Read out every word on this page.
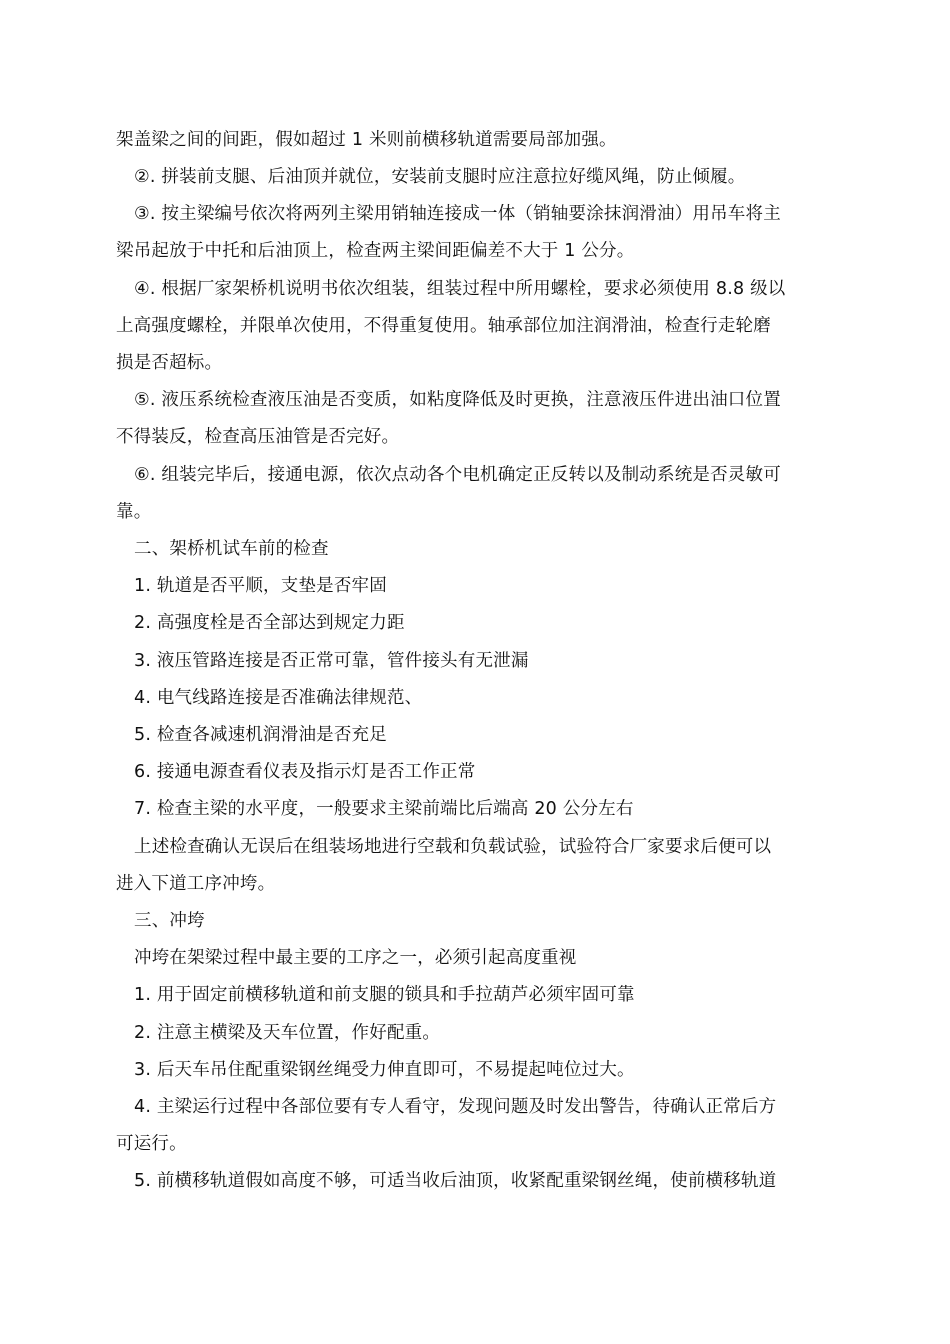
架盖梁之间的间距，假如超过 1 米则前横移轨道需要局部加强。
②. 拼装前支腿、后油顶并就位，安装前支腿时应注意拉好缆风绳，防止倾履。
③. 按主梁编号依次将两列主梁用销轴连接成一体（销轴要涂抹润滑油）用吊车将主
梁吊起放于中托和后油顶上，检查两主梁间距偏差不大于 1 公分。
④. 根据厂家架桥机说明书依次组装，组装过程中所用螺栓，要求必须使用 8.8 级以
上高强度螺栓，并限单次使用，不得重复使用。轴承部位加注润滑油，检查行走轮磨
损是否超标。
⑤. 液压系统检查液压油是否变质，如粘度降低及时更换，注意液压件进出油口位置
不得装反，检查高压油管是否完好。
⑥. 组装完毕后，接通电源，依次点动各个电机确定正反转以及制动系统是否灵敏可
靠。
二、架桥机试车前的检查
1. 轨道是否平顺，支垫是否牢固
2. 高强度栓是否全部达到规定力距
3. 液压管路连接是否正常可靠，管件接头有无泄漏
4. 电气线路连接是否准确法律规范、
5. 检查各减速机润滑油是否充足
6. 接通电源查看仪表及指示灯是否工作正常
7. 检查主梁的水平度，一般要求主梁前端比后端高 20 公分左右
上述检查确认无误后在组装场地进行空载和负载试验，试验符合厂家要求后便可以
进入下道工序冲垮。
三、冲垮
冲垮在架梁过程中最主要的工序之一，必须引起高度重视
1. 用于固定前横移轨道和前支腿的锁具和手拉葫芦必须牢固可靠
2. 注意主横梁及天车位置，作好配重。
3. 后天车吊住配重梁钢丝绳受力伸直即可，不易提起吨位过大。
4. 主梁运行过程中各部位要有专人看守，发现问题及时发出警告，待确认正常后方
可运行。
5. 前横移轨道假如高度不够，可适当收后油顶，收紧配重梁钢丝绳，使前横移轨道
